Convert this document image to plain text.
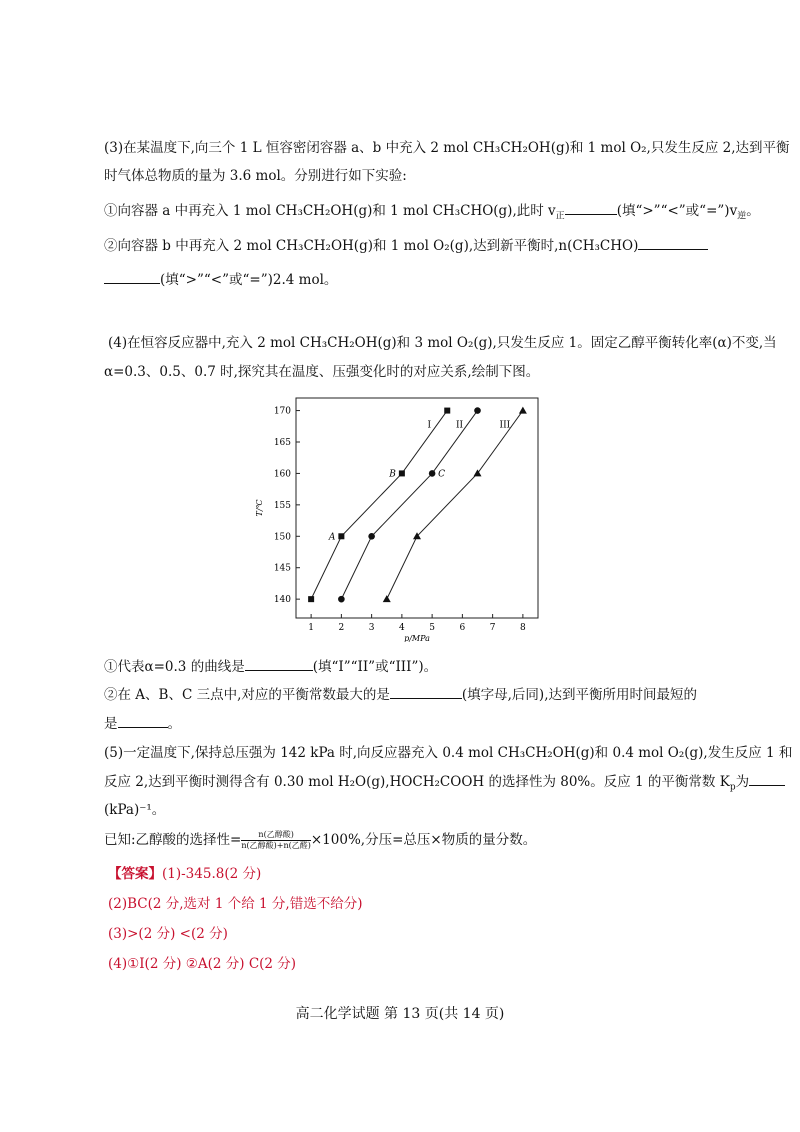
(3)在某温度下,向三个 1 L 恒容密闭容器 a、b 中充入 2 mol CH₃CH₂OH(g)和 1 mol O₂,只发生反应 2,达到平衡
时气体总物质的量为 3.6 mol。分别进行如下实验:
①向容器 a 中再充入 1 mol CH₃CH₂OH(g)和 1 mol CH₃CHO(g),此时 $v_正$	(填“>”“<”或“$=”)v_逆$。
②向容器 b 中再充入 2 mol CH₃CH₂OH(g)和 1 mol O₂(g),达到新平衡时,n(CH₃CHO)
(填“>”“<”或“=”)2.4 mol。
(4)在恒容反应器中,充入 2 mol CH₃CH₂OH(g)和 3 mol O₂(g),只发生反应 1。固定乙醇平衡转化率(α)不变,当
α=0.3、0.5、0.7 时,探究其在温度、压强变化时的对应关系,绘制下图。
1	2	3	4	5	6	7	8
140
145
150
155
160
165
170
p/MPa
T/℃
I	II	III
A
B	C
①代表α=0.3 的曲线是	(填“I”“II”或“III”)。
②在 A、B、C 三点中,对应的平衡常数最大的是	(填字母,后同),达到平衡所用时间最短的
是	。
(5)一定温度下,保持总压强为 142 kPa 时,向反应器充入 0.4 mol CH₃CH₂OH(g)和 0.4 mol O₂(g),发生反应 1 和
反应 2,达到平衡时测得含有 0.30 mol H₂O(g),HOCH₂COOH 的选择性为 80%。反应 1 的平衡常数 $K_p$为
(kPa)⁻¹。
已知:乙醇酸的选择性= $\frac{\text{n(乙醇酸)}}{\text{n(乙醇酸)+n(乙醛)}}\times 100\%$,分压=总压×物质的量分数。
【答案】(1)-345.8(2 分)
(2)BC(2 分,选对 1 个给 1 分,错选不给分)
(3)>(2 分) <(2 分)
(4)①I(2 分) ②A(2 分) C(2 分)
高二化学试题 第 13 页(共 14 页)
